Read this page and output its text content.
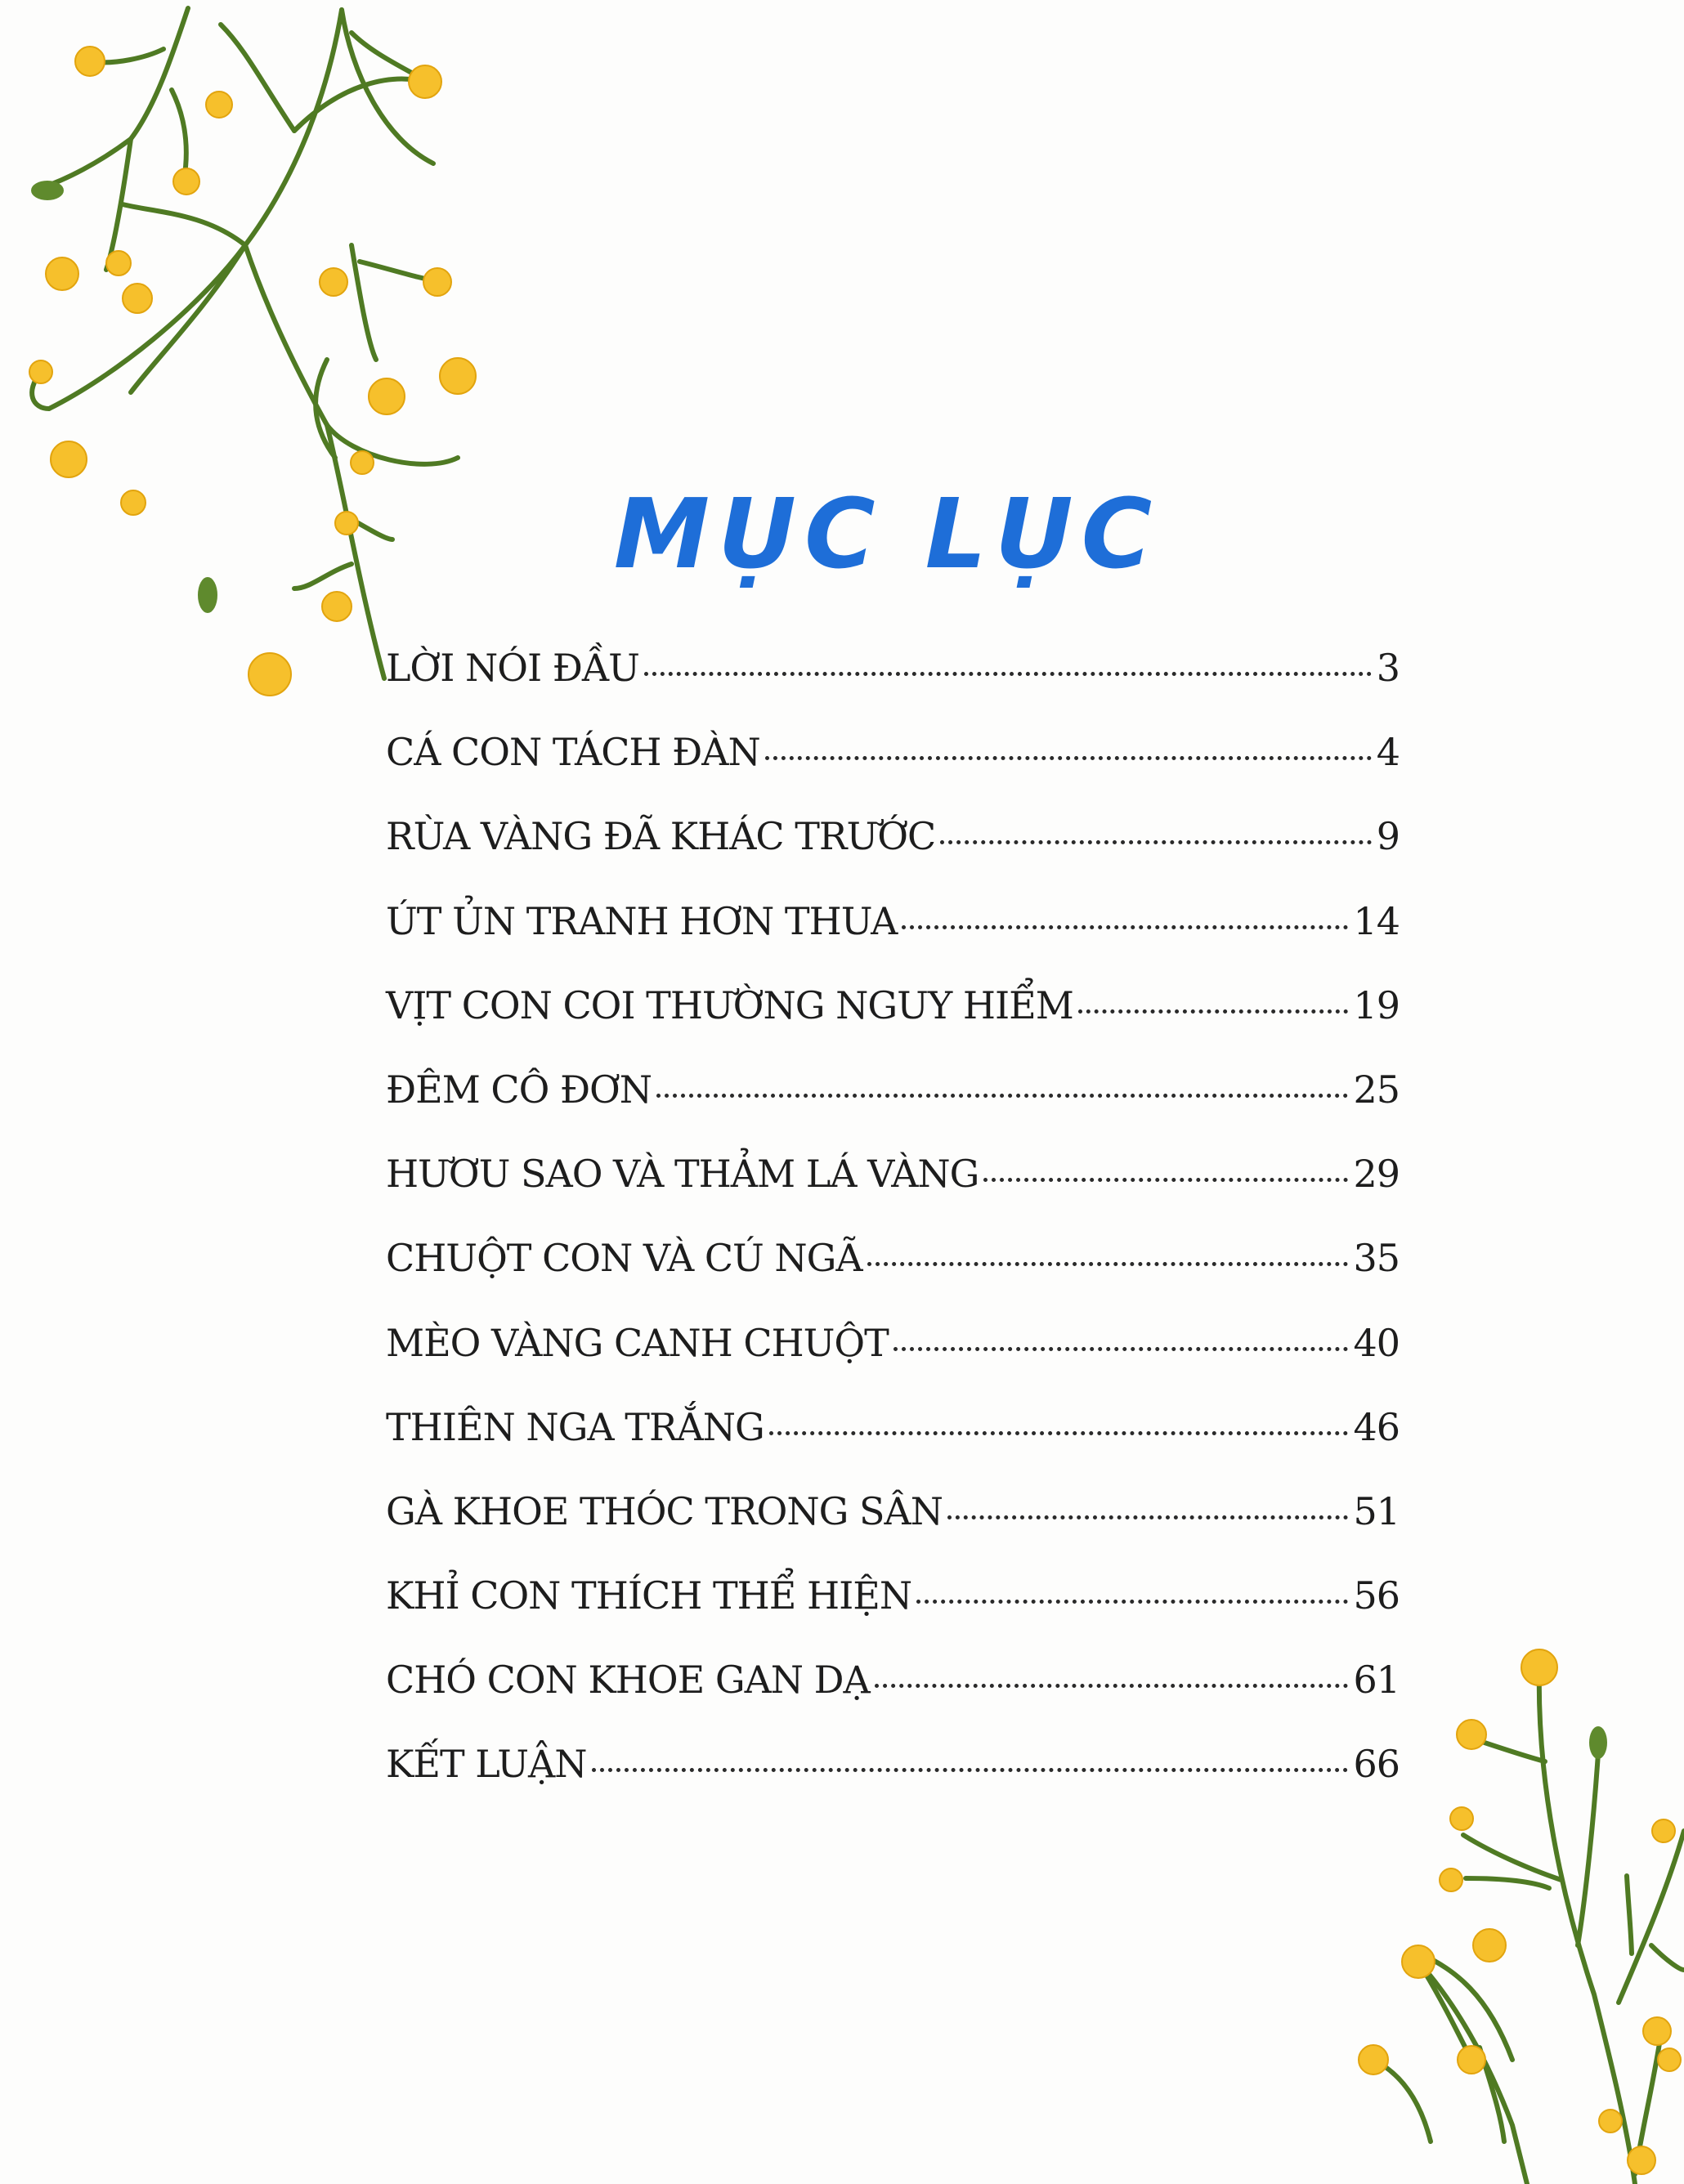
MỤC LỤC
LỜI NÓI ĐẦU	3
CÁ CON TÁCH ĐÀN	4
RÙA VÀNG ĐÃ KHÁC TRƯỚC	9
ÚT ỦN TRANH HƠN THUA	14
VỊT CON COI THƯỜNG NGUY HIỂM	19
ĐÊM CÔ ĐƠN	25
HƯƠU SAO VÀ THẢM LÁ VÀNG	29
CHUỘT CON VÀ CÚ NGÃ	35
MÈO VÀNG CANH CHUỘT	40
THIÊN NGA TRẮNG	46
GÀ KHOE THÓC TRONG SÂN	51
KHỈ CON THÍCH THỂ HIỆN	56
CHÓ CON KHOE GAN DẠ	61
KẾT LUẬN	66
